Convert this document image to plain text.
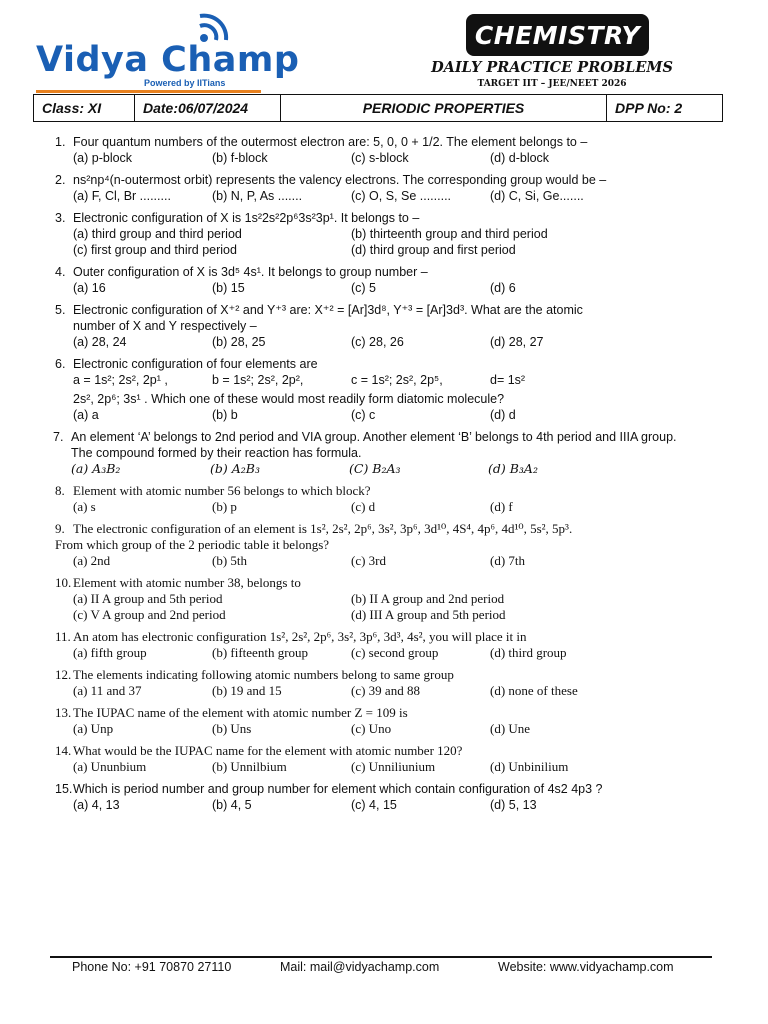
Vidya Champ
Powered by IITians
CHEMISTRY
DAILY PRACTICE PROBLEMS
TARGET IIT – JEE/NEET 2026
Class: XI	Date:06/07/2024	PERIODIC PROPERTIES	DPP No: 2
1. Four quantum numbers of the outermost electron are: 5, 0, 0 + 1/2. The element belongs to –
(a) p-block	(b) f-block	(c) s-block	(d) d-block
2. ns²np⁴(n-outermost orbit) represents the valency electrons. The corresponding group would be –
(a) F, Cl, Br .........	(b) N, P, As .......	(c) O, S, Se .........	(d) C, Si, Ge.......
3. Electronic configuration of X is 1s²2s²2p⁶3s²3p¹. It belongs to –
(a) third group and third period	(b) thirteenth group and third period
(c) first group and third period	(d) third group and first period
4. Outer configuration of X is 3d⁵ 4s¹. It belongs to group number –
(a) 16	(b) 15	(c) 5	(d) 6
5. Electronic configuration of X⁺² and Y⁺³ are: X⁺² = [Ar]3d⁸, Y⁺³ = [Ar]3d³. What are the atomic
number of X and Y respectively –
(a) 28, 24	(b) 28, 25	(c) 28, 26	(d) 28, 27
6. Electronic configuration of four elements are
a = 1s²; 2s², 2p¹ ,	b = 1s²; 2s², 2p²,	c = 1s²; 2s², 2p⁵,	d= 1s²
2s², 2p⁶; 3s¹ . Which one of these would most readily form diatomic molecule?
(a) a	(b) b	(c) c	(d) d
7. An element ‘A’ belongs to 2nd period and VIA group. Another element ‘B’ belongs to 4th period and IIIA group.
The compound formed by their reaction has formula.
(a) A₃B₂	(b) A₂B₃	(C) B₂A₃	(d) B₃A₂
8. Element with atomic number 56 belongs to which block?
(a) s	(b) p	(c) d	(d) f
9. The electronic configuration of an element is 1s², 2s², 2p⁶, 3s², 3p⁶, 3d¹⁰, 4S⁴, 4p⁶, 4d¹⁰, 5s², 5p³.
From which group of the 2 periodic table it belongs?
(a) 2nd	(b) 5th	(c) 3rd	(d) 7th
10. Element with atomic number 38, belongs to
(a) II A group and 5th period	(b) II A group and 2nd period
(c) V A group and 2nd period	(d) III A group and 5th period
11. An atom has electronic configuration 1s², 2s², 2p⁶, 3s², 3p⁶, 3d³, 4s², you will place it in
(a) fifth group	(b) fifteenth group	(c) second group	(d) third group
12. The elements indicating following atomic numbers belong to same group
(a) 11 and 37	(b) 19 and 15	(c) 39 and 88	(d) none of these
13. The IUPAC name of the element with atomic number Z = 109 is
(a) Unp	(b) Uns	(c) Uno	(d) Une
14. What would be the IUPAC name for the element with atomic number 120?
(a) Ununbium	(b) Unnilbium	(c) Unniliunium	(d) Unbinilium
15. Which is period number and group number for element which contain configuration of 4s2 4p3 ?
(a) 4, 13	(b) 4, 5	(c) 4, 15	(d) 5, 13
Phone No: +91 70870 27110	Mail: mail@vidyachamp.com	Website: www.vidyachamp.com
